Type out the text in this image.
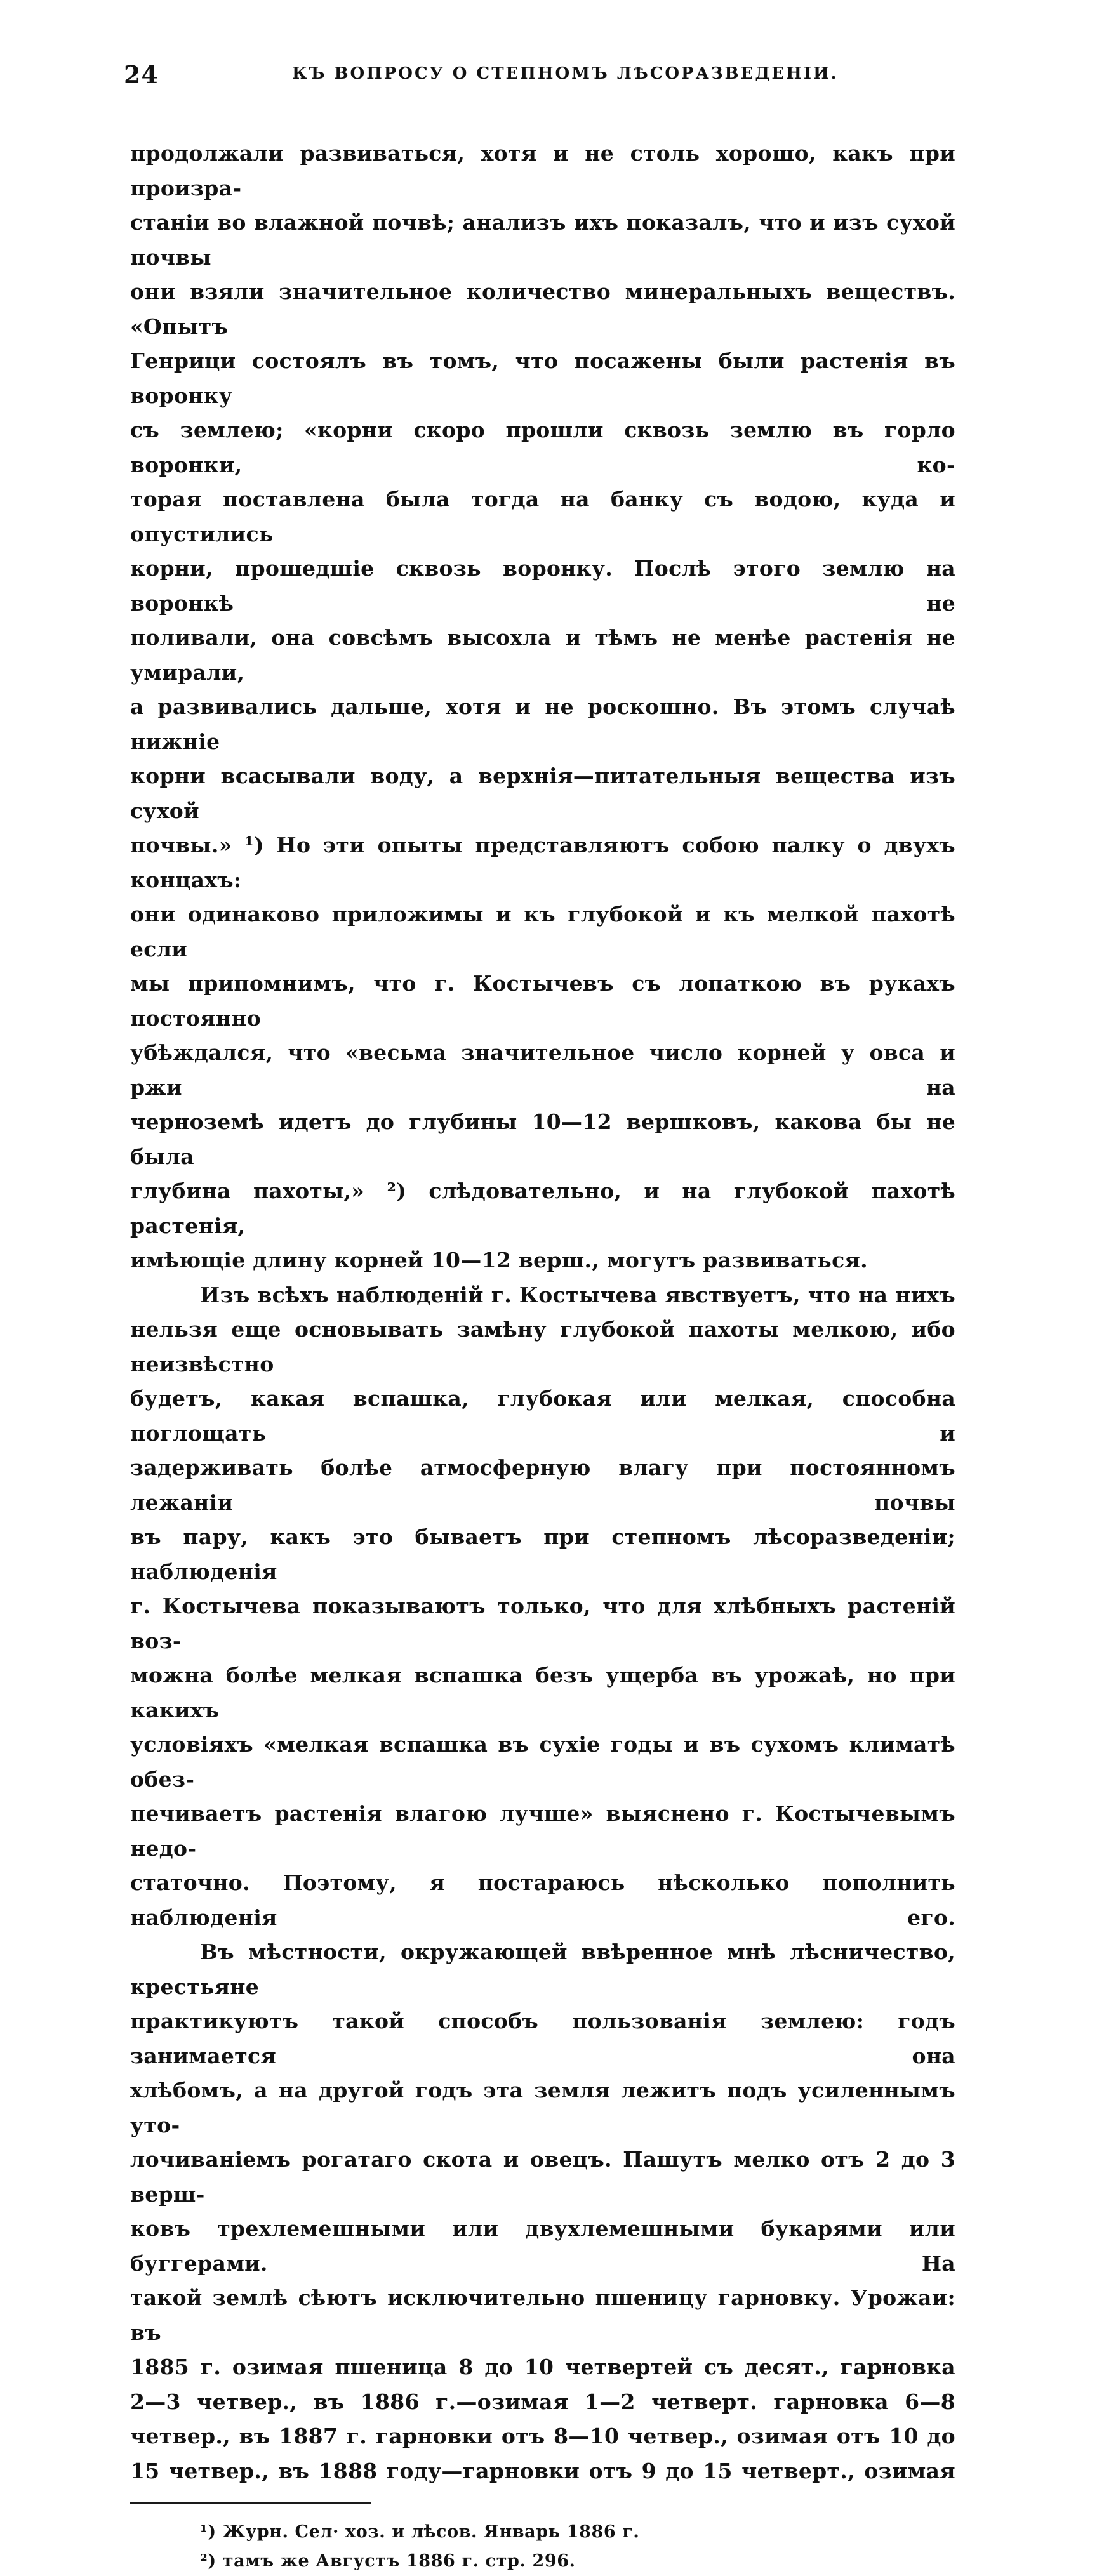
24	КЪ ВОПРОСУ О СТЕПНОМЪ ЛѢСОРАЗВЕДЕНІИ.

продолжали развиваться, хотя и не столь хорошо, какъ при произра-

станіи во влажной почвѣ; анализъ ихъ показалъ, что и изъ сухой почвы

они взяли значительное количество минеральныхъ веществъ. «Опытъ

Генрици состоялъ въ томъ, что посажены были растенія въ воронку

съ землею; «корни скоро прошли сквозь землю въ горло воронки, ко-

торая поставлена была тогда на банку съ водою, куда и опустились

корни, прошедшіе сквозь воронку. Послѣ этого землю на воронкѣ не

поливали, она совсѣмъ высохла и тѣмъ не менѣе растенія не умирали,

а развивались дальше, хотя и не роскошно. Въ этомъ случаѣ нижніе

корни всасывали воду, а верхнія—питательныя вещества изъ сухой

почвы.» ¹) Но эти опыты представляютъ собою палку о двухъ концахъ:

они одинаково приложимы и къ глубокой и къ мелкой пахотѣ если

мы припомнимъ, что г. Костычевъ съ лопаткою въ рукахъ постоянно

убѣждался, что «весьма значительное число корней у овса и ржи на

черноземѣ идетъ до глубины 10—12 вершковъ, какова бы не была

глубина пахоты,» ²) слѣдовательно, и на глубокой пахотѣ растенія,

имѣющіе длину корней 10—12 верш., могутъ развиваться.

Изъ всѣхъ наблюденій г. Костычева явствуетъ, что на нихъ

нельзя еще основывать замѣну глубокой пахоты мелкою, ибо неизвѣстно

будетъ, какая вспашка, глубокая или мелкая, способна поглощать и

задерживать болѣе атмосферную влагу при постоянномъ лежаніи почвы

въ пару, какъ это бываетъ при степномъ лѣсоразведеніи; наблюденія

г. Костычева показываютъ только, что для хлѣбныхъ растеній воз-

можна болѣе мелкая вспашка безъ ущерба въ урожаѣ, но при какихъ

условіяхъ «мелкая вспашка въ сухіе годы и въ сухомъ климатѣ обез-

печиваетъ растенія влагою лучше» выяснено г. Костычевымъ недо-

статочно. Поэтому, я постараюсь нѣсколько пополнить наблюденія его.

Въ мѣстности, окружающей ввѣренное мнѣ лѣсничество, крестьяне

практикуютъ такой способъ пользованія землею: годъ занимается она

хлѣбомъ, а на другой годъ эта земля лежитъ подъ усиленнымъ уто-

лочиваніемъ рогатаго скота и овецъ. Пашутъ мелко отъ 2 до 3 верш-

ковъ трехлемешными или двухлемешными букарями или буггерами. На

такой землѣ сѣютъ исключительно пшеницу гарновку. Урожаи: въ

1885 г. озимая пшеница 8 до 10 четвертей съ десят., гарновка

2—3 четвер., въ 1886 г.—озимая 1—2 четверт. гарновка 6—8

четвер., въ 1887 г. гарновки отъ 8—10 четвер., озимая отъ 10 до

15 четвер., въ 1888 году—гарновки отъ 9 до 15 четверт., озимая

¹) Журн. Сел· хоз. и лѣсов. Январь 1886 г.

²) тамъ же Августъ 1886 г. стр. 296.
